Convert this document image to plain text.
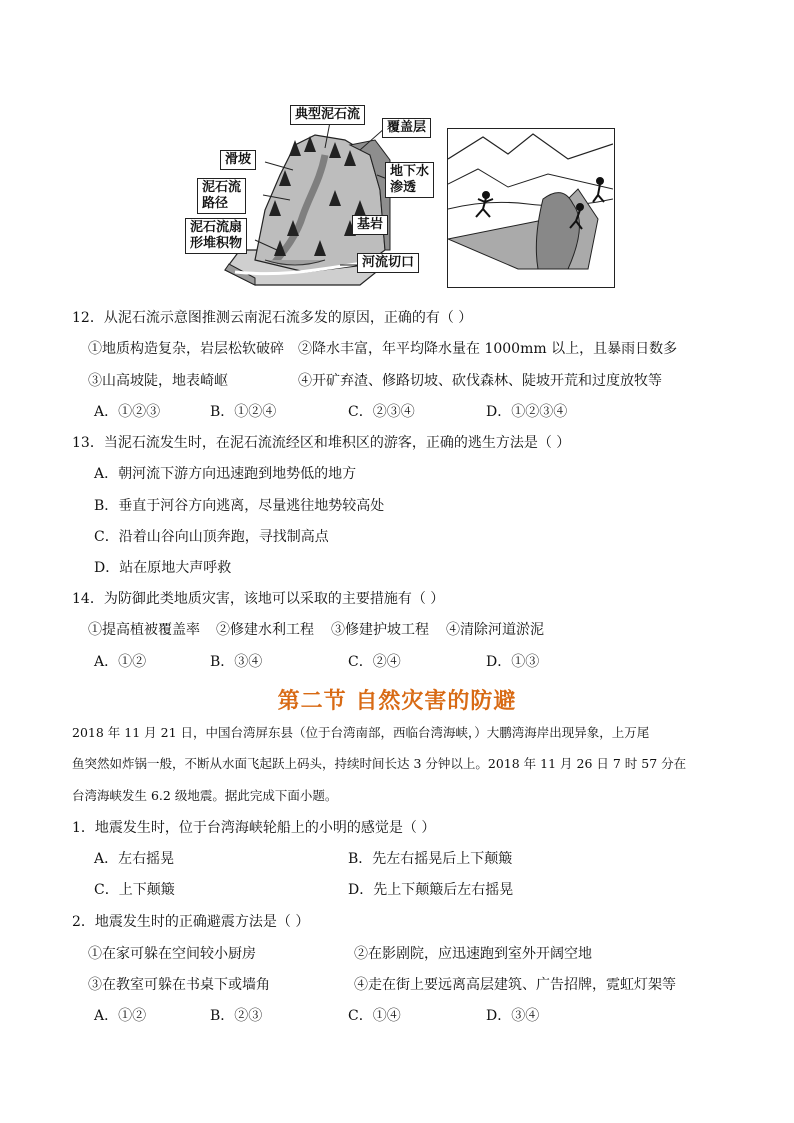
典型泥石流
覆盖层
滑坡
地下水
渗透
泥石流
路径
基岩
泥石流扇
形堆积物
河流切口
12．从泥石流示意图推测云南泥石流多发的原因，正确的有（ ）
①地质构造复杂，岩层松软破碎 ②降水丰富，年平均降水量在 1000mm 以上，且暴雨日数多
③山高坡陡，地表崎岖	④开矿弃渣、修路切坡、砍伐森林、陡坡开荒和过度放牧等
A．①②③	B．①②④	C．②③④	D．①②③④
13．当泥石流发生时，在泥石流流经区和堆积区的游客，正确的逃生方法是（ ）
A．朝河流下游方向迅速跑到地势低的地方
B．垂直于河谷方向逃离，尽量逃往地势较高处
C．沿着山谷向山顶奔跑，寻找制高点
D．站在原地大声呼救
14．为防御此类地质灾害，该地可以采取的主要措施有（ ）
①提高植被覆盖率 ②修建水利工程 ③修建护坡工程 ④清除河道淤泥
A．①②	B．③④	C．②④	D．①③
第二节 自然灾害的防避
2018 年 11 月 21 日，中国台湾屏东县（位于台湾南部，西临台湾海峡，）大鹏湾海岸出现异象，上万尾
鱼突然如炸锅一般，不断从水面飞起跃上码头，持续时间长达 3 分钟以上。2018 年 11 月 26 日 7 时 57 分在
台湾海峡发生 6.2 级地震。据此完成下面小题。
1．地震发生时，位于台湾海峡轮船上的小明的感觉是（ ）
A．左右摇晃	B．先左右摇晃后上下颠簸
C．上下颠簸	D．先上下颠簸后左右摇晃
2．地震发生时的正确避震方法是（ ）
①在家可躲在空间较小厨房	②在影剧院，应迅速跑到室外开阔空地
③在教室可躲在书桌下或墙角	④走在街上要远离高层建筑、广告招牌，霓虹灯架等
A．①②	B．②③	C．①④	D．③④
